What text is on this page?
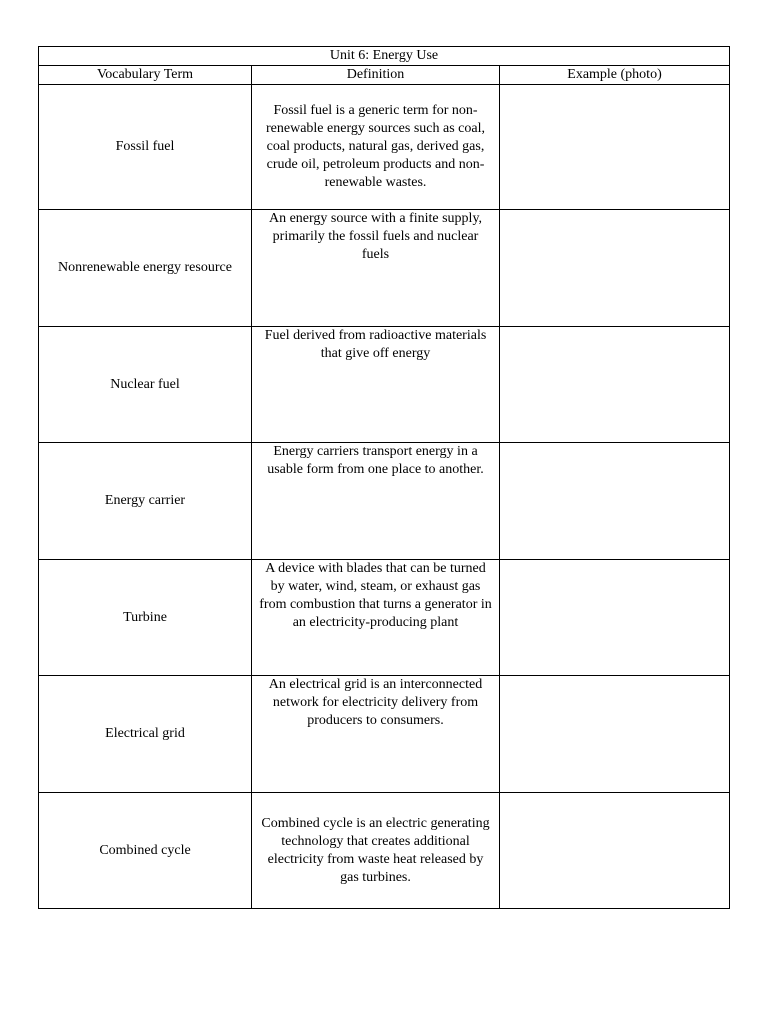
Unit 6: Energy Use		
Vocabulary Term	Definition	Example (photo)
Fossil fuel	Fossil fuel is a generic term for non-renewable energy sources such as coal, coal products, natural gas, derived gas, crude oil, petroleum products and non-renewable wastes.	
Nonrenewable energy resource	An energy source with a finite supply, primarily the fossil fuels and nuclear fuels	
Nuclear fuel	Fuel derived from radioactive materials that give off energy	
Energy carrier	Energy carriers transport energy in a usable form from one place to another.	
Turbine	A device with blades that can be turned by water, wind, steam, or exhaust gas from combustion that turns a generator in an electricity-producing plant	
Electrical grid	An electrical grid is an interconnected network for electricity delivery from producers to consumers.	
Combined cycle	Combined cycle is an electric generating technology that creates additional electricity from waste heat released by gas turbines.	
